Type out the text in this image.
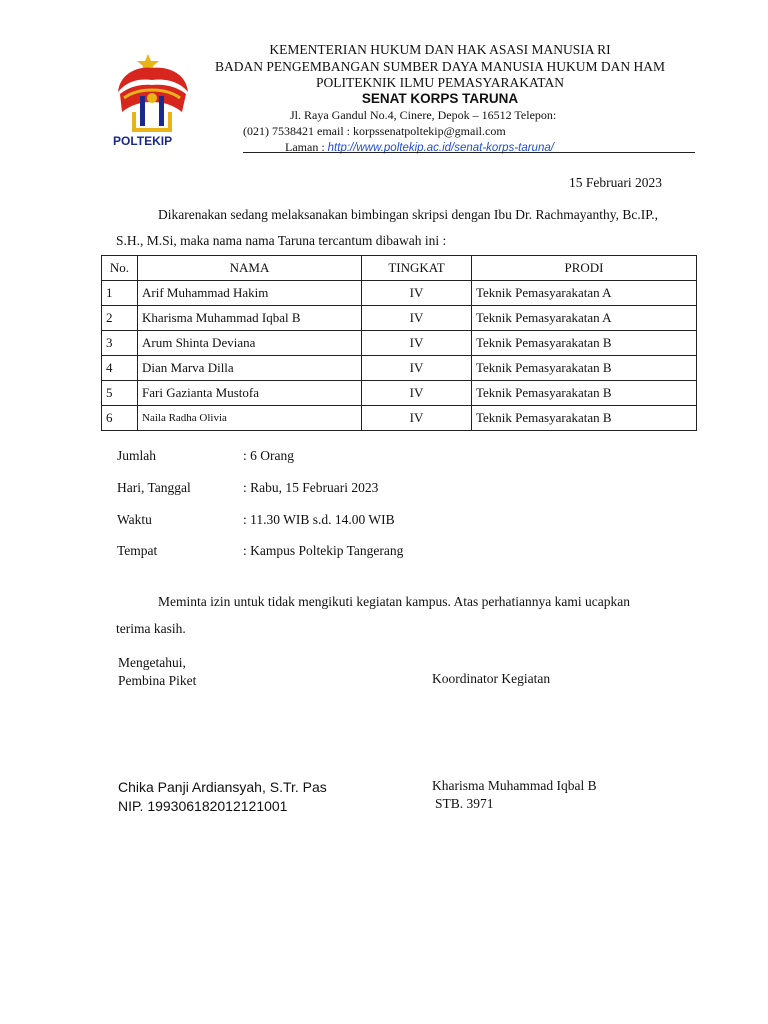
POLTEKIP
KEMENTERIAN HUKUM DAN HAK ASASI MANUSIA RI
BADAN PENGEMBANGAN SUMBER DAYA MANUSIA HUKUM DAN HAM
POLITEKNIK ILMU PEMASYARAKATAN
SENAT KORPS TARUNA
Jl. Raya Gandul No.4, Cinere, Depok – 16512 Telepon:
(021) 7538421 email : korpssenatpoltekip@gmail.com
Laman : http://www.poltekip.ac.id/senat-korps-taruna/
15 Februari 2023
Dikarenakan sedang melaksanakan bimbingan skripsi dengan Ibu Dr. Rachmayanthy, Bc.IP.,
S.H., M.Si, maka nama nama Taruna tercantum dibawah ini :
No.	NAMA	TINGKAT	PRODI
1	Arif Muhammad Hakim	IV	Teknik Pemasyarakatan A
2	Kharisma Muhammad Iqbal B	IV	Teknik Pemasyarakatan A
3	Arum Shinta Deviana	IV	Teknik Pemasyarakatan B
4	Dian Marva Dilla	IV	Teknik Pemasyarakatan B
5	Fari Gazianta Mustofa	IV	Teknik Pemasyarakatan B
6	Naila Radha Olivia	IV	Teknik Pemasyarakatan B
Jumlah	: 6 Orang
Hari, Tanggal	: Rabu, 15 Februari 2023
Waktu	: 11.30 WIB s.d. 14.00 WIB
Tempat	: Kampus Poltekip Tangerang
Meminta izin untuk tidak mengikuti kegiatan kampus. Atas perhatiannya kami ucapkan
terima kasih.
Mengetahui,
Pembina Piket	Koordinator Kegiatan
Chika Panji Ardiansyah, S.Tr. Pas
NIP. 199306182012121001
Kharisma Muhammad Iqbal B
STB. 3971
